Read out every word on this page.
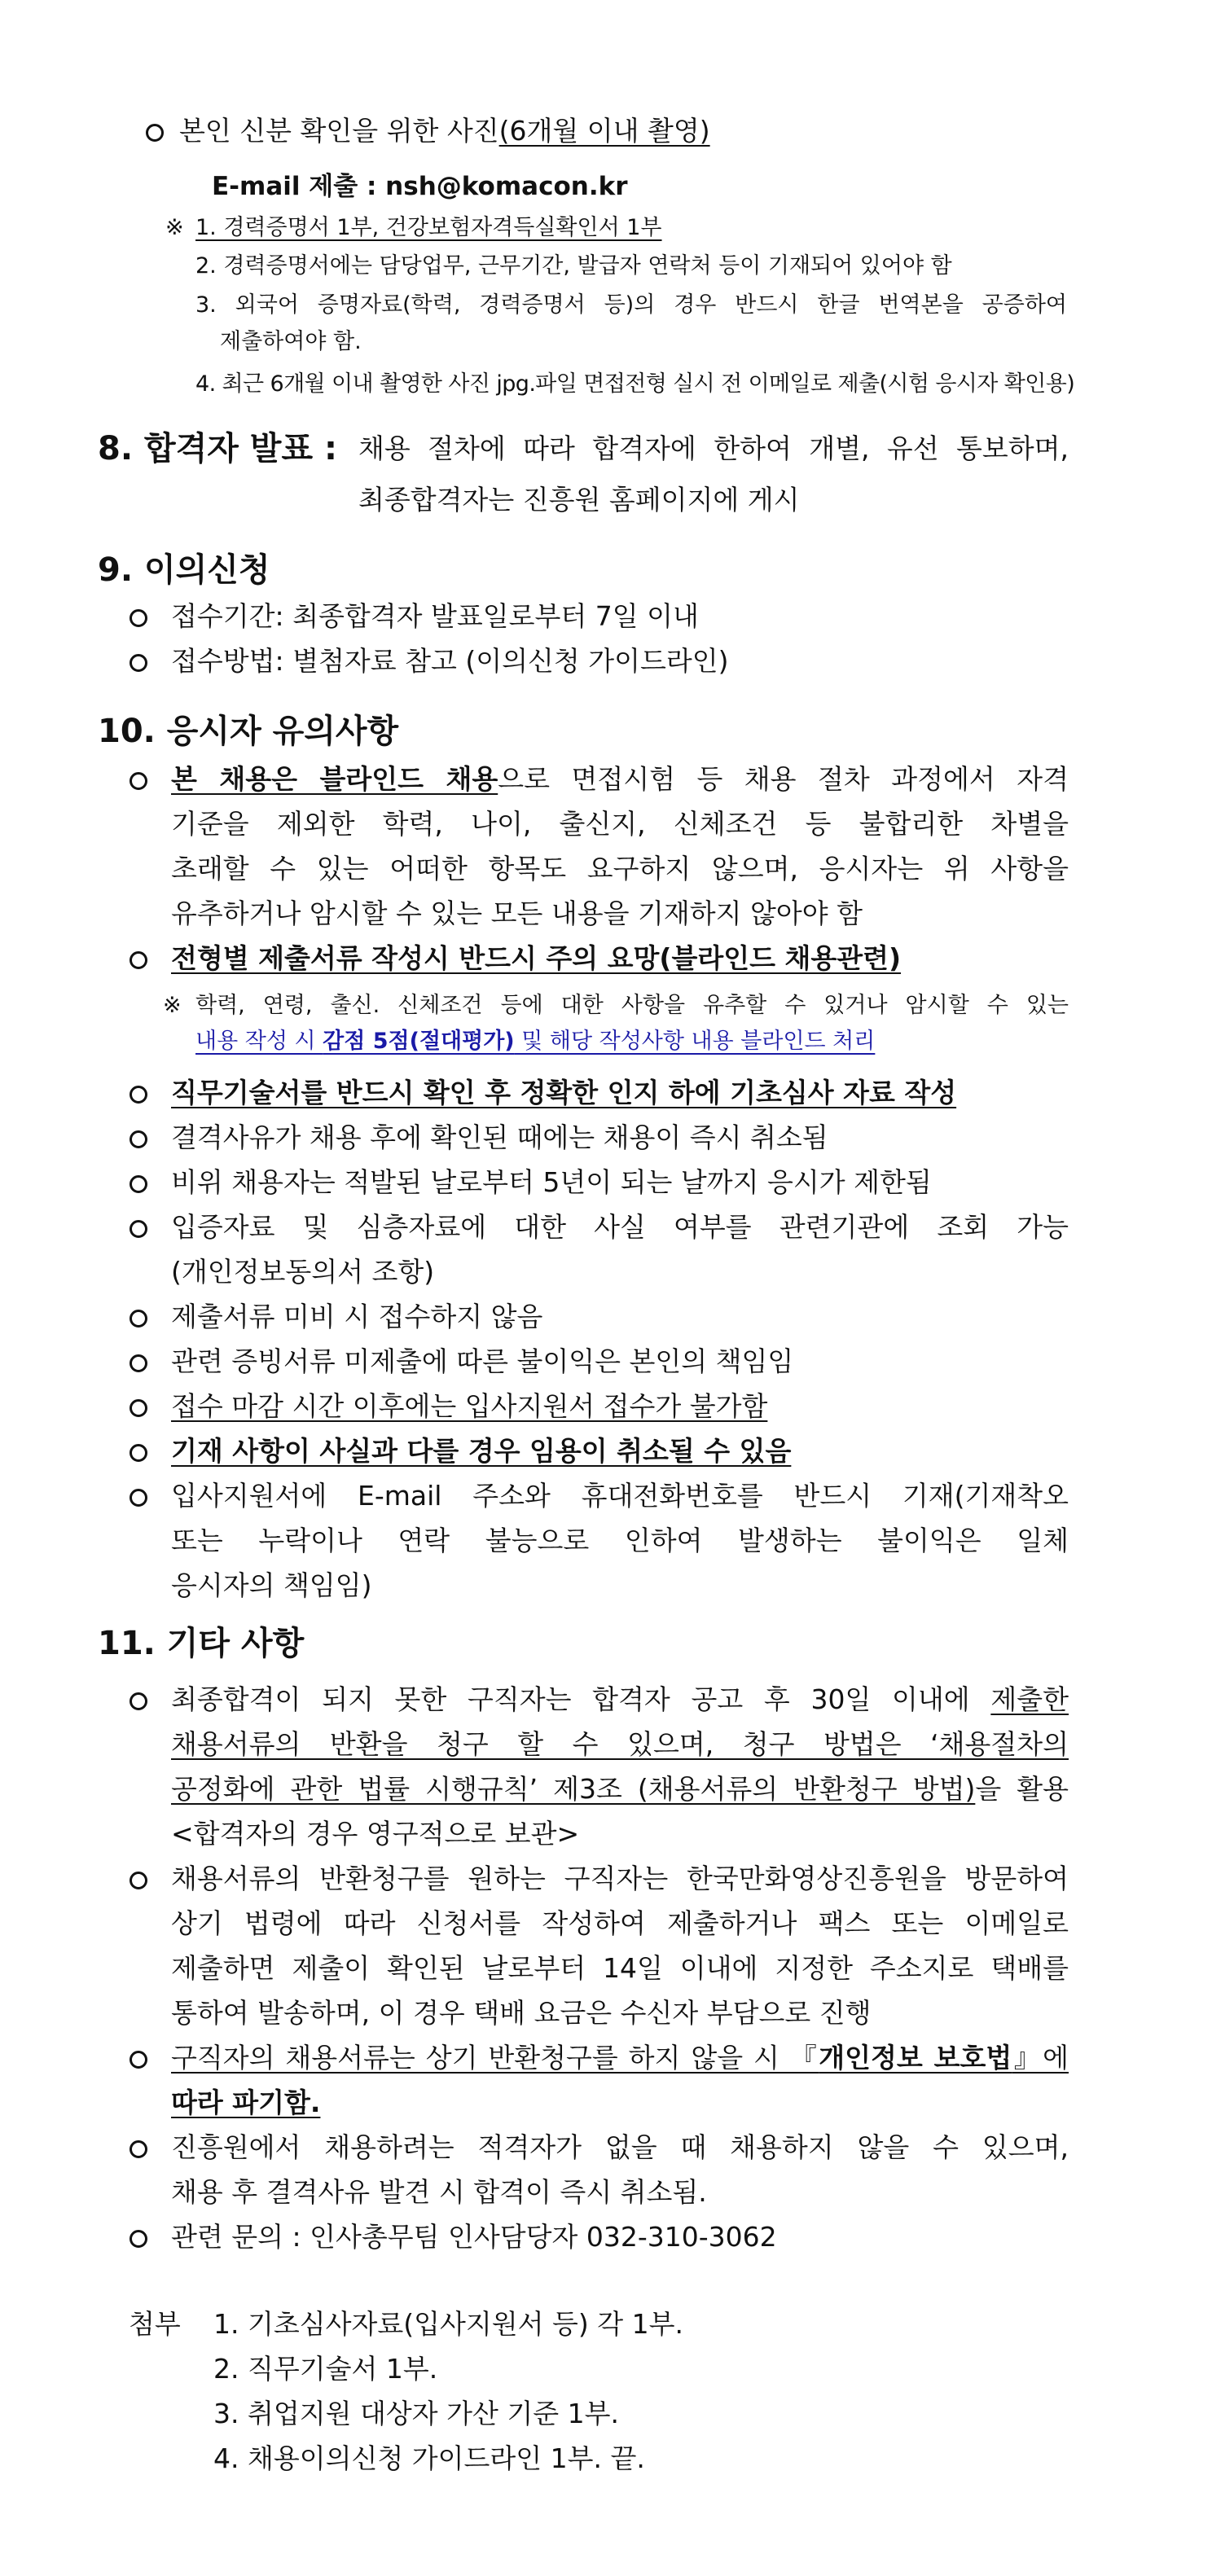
본인 신분 확인을 위한 사진(6개월 이내 촬영)
E-mail 제출 : nsh@komacon.kr
※ 1. 경력증명서 1부, 건강보험자격득실확인서 1부
2. 경력증명서에는 담당업무, 근무기간, 발급자 연락처 등이 기재되어 있어야 함
3. 외국어 증명자료(학력, 경력증명서 등)의 경우 반드시 한글 번역본을 공증하여
제출하여야 함.
4. 최근 6개월 이내 촬영한 사진 jpg.파일 면접전형 실시 전 이메일로 제출(시험 응시자 확인용)
8. 합격자 발표 : 채용 절차에 따라 합격자에 한하여 개별, 유선 통보하며,
최종합격자는 진흥원 홈페이지에 게시
9. 이의신청
접수기간: 최종합격자 발표일로부터 7일 이내
접수방법: 별첨자료 참고 (이의신청 가이드라인)
10. 응시자 유의사항
본 채용은 블라인드 채용으로 면접시험 등 채용 절차 과정에서 자격
기준을 제외한 학력, 나이, 출신지, 신체조건 등 불합리한 차별을
초래할 수 있는 어떠한 항목도 요구하지 않으며, 응시자는 위 사항을
유추하거나 암시할 수 있는 모든 내용을 기재하지 않아야 함
전형별 제출서류 작성시 반드시 주의 요망(블라인드 채용관련)
※ 학력, 연령, 출신. 신체조건 등에 대한 사항을 유추할 수 있거나 암시할 수 있는
내용 작성 시 감점 5점(절대평가) 및 해당 작성사항 내용 블라인드 처리
직무기술서를 반드시 확인 후 정확한 인지 하에 기초심사 자료 작성
결격사유가 채용 후에 확인된 때에는 채용이 즉시 취소됨
비위 채용자는 적발된 날로부터 5년이 되는 날까지 응시가 제한됨
입증자료 및 심층자료에 대한 사실 여부를 관련기관에 조회 가능
(개인정보동의서 조항)
제출서류 미비 시 접수하지 않음
관련 증빙서류 미제출에 따른 불이익은 본인의 책임임
접수 마감 시간 이후에는 입사지원서 접수가 불가함
기재 사항이 사실과 다를 경우 임용이 취소될 수 있음
입사지원서에 E-mail 주소와 휴대전화번호를 반드시 기재(기재착오
또는 누락이나 연락 불능으로 인하여 발생하는 불이익은 일체
응시자의 책임임)
11. 기타 사항
최종합격이 되지 못한 구직자는 합격자 공고 후 30일 이내에 제출한
채용서류의 반환을 청구 할 수 있으며, 청구 방법은 ‘채용절차의
공정화에 관한 법률 시행규칙’ 제3조 (채용서류의 반환청구 방법)을 활용
<합격자의 경우 영구적으로 보관>
채용서류의 반환청구를 원하는 구직자는 한국만화영상진흥원을 방문하여
상기 법령에 따라 신청서를 작성하여 제출하거나 팩스 또는 이메일로
제출하면 제출이 확인된 날로부터 14일 이내에 지정한 주소지로 택배를
통하여 발송하며, 이 경우 택배 요금은 수신자 부담으로 진행
구직자의 채용서류는 상기 반환청구를 하지 않을 시 『개인정보 보호법』에
따라 파기함.
진흥원에서 채용하려는 적격자가 없을 때 채용하지 않을 수 있으며,
채용 후 결격사유 발견 시 합격이 즉시 취소됨.
관련 문의 : 인사총무팀 인사담당자 032-310-3062
첨부 1. 기초심사자료(입사지원서 등) 각 1부.
2. 직무기술서 1부.
3. 취업지원 대상자 가산 기준 1부.
4. 채용이의신청 가이드라인 1부. 끝.
